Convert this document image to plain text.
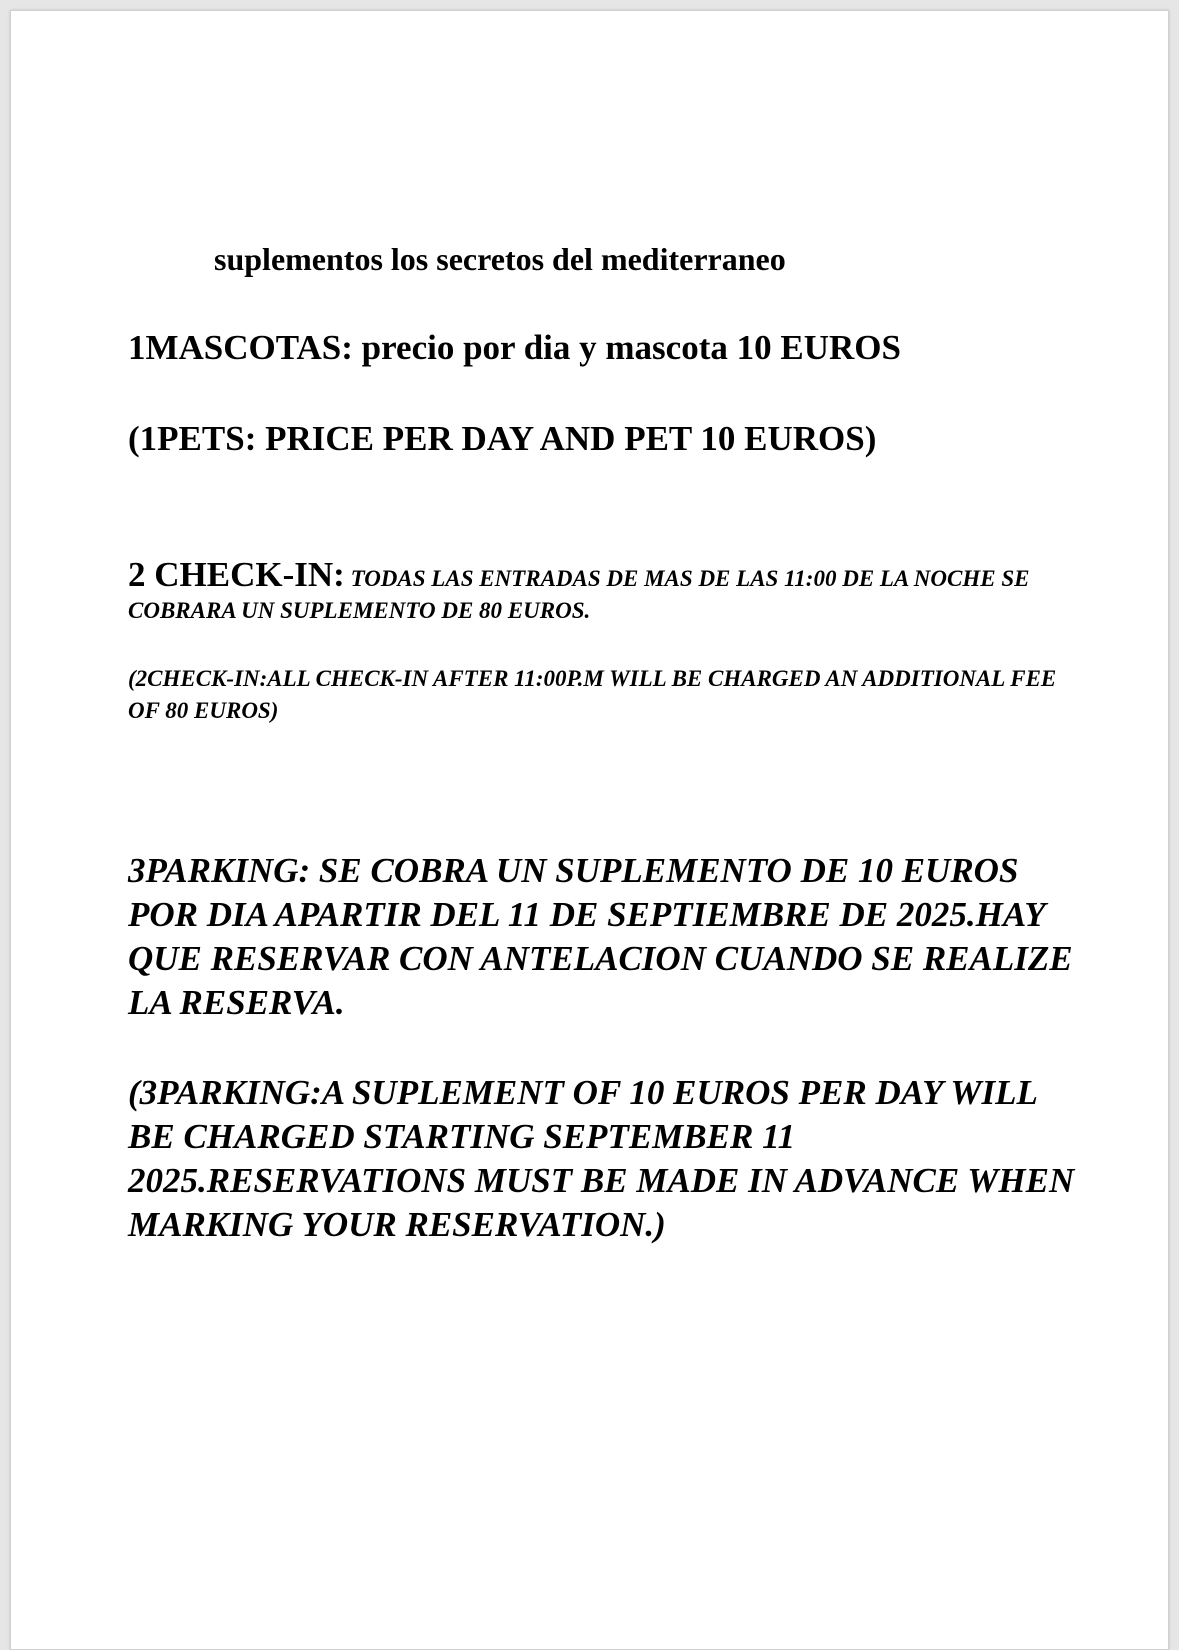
suplementos los secretos del mediterraneo

1MASCOTAS: precio por dia y mascota 10 EUROS

(1PETS: PRICE PER DAY AND PET 10 EUROS)

2 CHECK-IN: TODAS LAS ENTRADAS DE MAS DE LAS 11:00 DE LA NOCHE SE COBRARA UN SUPLEMENTO DE 80 EUROS.

(2CHECK-IN:ALL CHECK-IN AFTER 11:00P.M WILL BE CHARGED AN ADDITIONAL FEE OF 80 EUROS)

3PARKING: SE COBRA UN SUPLEMENTO DE 10 EUROS POR DIA APARTIR DEL 11 DE SEPTIEMBRE DE 2025.HAY QUE RESERVAR CON ANTELACION CUANDO SE REALIZE LA RESERVA.

(3PARKING:A SUPLEMENT OF 10 EUROS PER DAY WILL BE CHARGED STARTING SEPTEMBER 11 2025.RESERVATIONS MUST BE MADE IN ADVANCE WHEN MARKING YOUR RESERVATION.)
